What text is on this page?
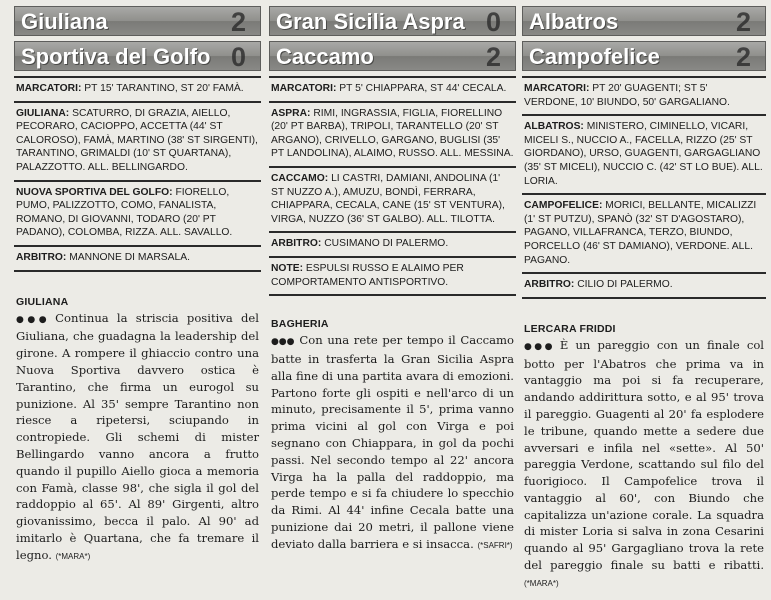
Giuliana	2
Sportiva del Golfo 0
MARCATORI: PT 15' TARANTINO, ST 20' FAMÀ.
GIULIANA: SCATURRO, DI GRAZIA, AIELLO, PECORARO, CACIOPPO, ACCETTA (44' ST CALOROSO), FAMÀ, MARTINO (38' ST SIRGENTI), TARANTINO, GRIMALDI (10' ST QUARTANA), PALAZZOTTO. ALL. BELLINGARDO.
NUOVA SPORTIVA DEL GOLFO: FIORELLO, PUMO, PALIZZOTTO, COMO, FANALISTA, ROMANO, DI GIOVANNI, TODARO (20' PT PADANO), COLOMBA, RIZZA. ALL. SAVALLO.
ARBITRO: MANNONE DI MARSALA.
GIULIANA
●●● Continua la striscia positiva del Giuliana, che guadagna la leadership del girone. A rompere il ghiaccio contro una Nuova Sportiva davvero ostica è Tarantino, che firma un eurogol su punizione. Al 35' sempre Tarantino non riesce a ripetersi, sciupando in contropiede. Gli schemi di mister Bellingardo vanno ancora a frutto quando il pupillo Aiello gioca a memoria con Famà, classe 98', che sigla il gol del raddoppio al 65'. Al 89' Girgenti, altro giovanissimo, becca il palo. Al 90' ad imitarlo è Quartana, che fa tremare il legno. (*MARA*)
Gran Sicilia Aspra 0
Caccamo	2
MARCATORI: PT 5' CHIAPPARA, ST 44' CECALA.
ASPRA: RIMI, INGRASSIA, FIGLIA, FIORELLINO (20' PT BARBA), TRIPOLI, TARANTELLO (20' ST ARGANO), CRIVELLO, GARGANO, BUGLISI (35' PT LANDOLINA), ALAIMO, RUSSO. ALL. MESSINA.
CACCAMO: LI CASTRI, DAMIANI, ANDOLINA (1' ST NUZZO A.), AMUZU, BONDÌ, FERRARA, CHIAPPARA, CECALA, CANE (15' ST VENTURA), VIRGA, NUZZO (36' ST GALBO). ALL. TILOTTA.
ARBITRO: CUSIMANO DI PALERMO.
NOTE: ESPULSI RUSSO E ALAIMO PER COMPORTAMENTO ANTISPORTIVO.
BAGHERIA
●●● Con una rete per tempo il Caccamo batte in trasferta la Gran Sicilia Aspra alla fine di una partita avara di emozioni. Partono forte gli ospiti e nell'arco di un minuto, precisamente il 5', prima vanno prima vicini al gol con Virga e poi segnano con Chiappara, in gol da pochi passi. Nel secondo tempo al 22' ancora Virga ha la palla del raddoppio, ma perde tempo e si fa chiudere lo specchio da Rimi. Al 44' infine Cecala batte una punizione dai 20 metri, il pallone viene deviato dalla barriera e si insacca. (*SAFRI*)
Albatros	2
Campofelice	2
MARCATORI: PT 20' GUAGENTI; ST 5' VERDONE, 10' BIUNDO, 50' GARGALIANO.
ALBATROS: MINISTERO, CIMINELLO, VICARI, MICELI S., NUCCIO A., FACELLA, RIZZO (25' ST GIORDANO), URSO, GUAGENTI, GARGAGLIANO (35' ST MICELI), NUCCIO C. (42' ST LO BUE). ALL. LORIA.
CAMPOFELICE: MORICI, BELLANTE, MICALIZZI (1' ST PUTZU), SPANÒ (32' ST D'AGOSTARO), PAGANO, VILLAFRANCA, TERZO, BIUNDO, PORCELLO (46' ST DAMIANO), VERDONE. ALL. PAGANO.
ARBITRO: CILIO DI PALERMO.
LERCARA FRIDDI
●●● È un pareggio con un finale col botto per l'Abatros che prima va in vantaggio ma poi si fa recuperare, andando addirittura sotto, e al 95' trova il pareggio. Guagenti al 20' fa esplodere le tribune, quando mette a sedere due avversari e infila nel «sette». Al 50' pareggia Verdone, scattando sul filo del fuorigioco. Il Campofelice trova il vantaggio al 60', con Biundo che capitalizza un'azione corale. La squadra di mister Loria si salva in zona Cesarini quando al 95' Gargagliano trova la rete del pareggio finale su batti e ribatti. (*MARA*)
